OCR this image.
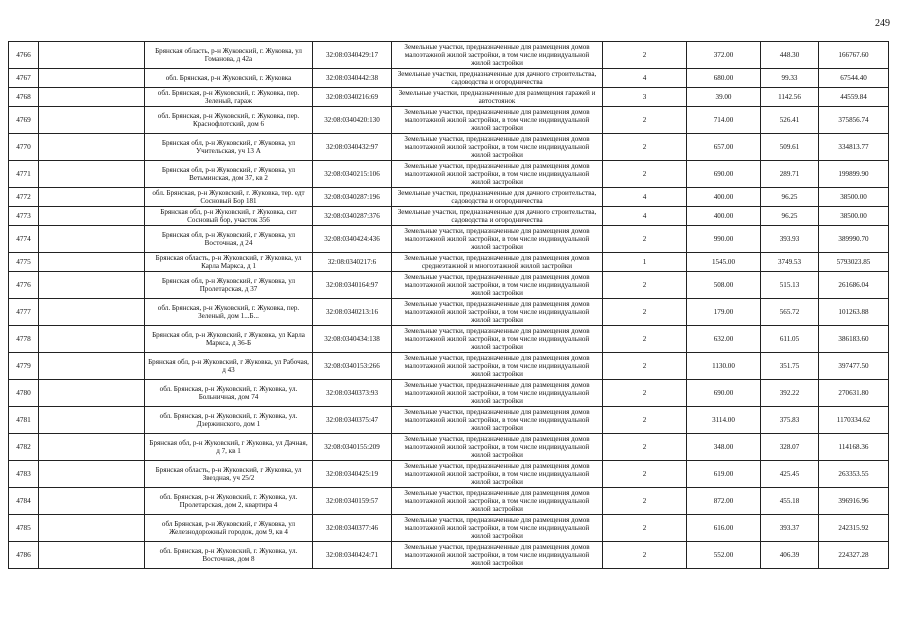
249
4766		Брянская область, р-н Жуковский, г. Жуковка, ул Гоманова, д 42а	32:08:0340429:17	Земельные участки, предназначенные для размещения домов малоэтажной жилой застройки, в том числе индивидуальной жилой застройки	2	372.00	448.30	166767.60
4767		обл. Брянская, р-н Жуковский, г. Жуковка	32:08:0340442:38	Земельные участки, предназначенные для дачного строительства, садоводства и огородничества	4	680.00	99.33	67544.40
4768		обл. Брянская, р-н Жуковский, г. Жуковка, пер. Зеленый, гараж	32:08:0340216:69	Земельные участки, предназначенные для размещения гаражей и автостоянок	3	39.00	1142.56	44559.84
4769		обл. Брянская, р-н Жуковский, г. Жуковка, пер. Краснофлотский, дом 6	32:08:0340420:130	Земельные участки, предназначенные для размещения домов малоэтажной жилой застройки, в том числе индивидуальной жилой застройки	2	714.00	526.41	375856.74
4770		Брянская обл, р-н Жуковский, г Жуковка, ул Учительская, уч 13 А	32:08:0340432:97	Земельные участки, предназначенные для размещения домов малоэтажной жилой застройки, в том числе индивидуальной жилой застройки	2	657.00	509.61	334813.77
4771		Брянская обл, р-н Жуковский, г Жуковка, ул Ветьминская, дом 37, кв 2	32:08:0340215:106	Земельные участки, предназначенные для размещения домов малоэтажной жилой застройки, в том числе индивидуальной жилой застройки	2	690.00	289.71	199899.90
4772		обл. Брянская, р-н Жуковский, г. Жуковка, тер. едт Сосновый Бор 181	32:08:0340287:196	Земельные участки, предназначенные для дачного строительства, садоводства и огородничества	4	400.00	96.25	38500.00
4773		Брянская обл, р-н Жуковский, г Жуковка, снт Сосновый бор, участок 356	32:08:0340287:376	Земельные участки, предназначенные для дачного строительства, садоводства и огородничества	4	400.00	96.25	38500.00
4774		Брянская обл, р-н Жуковский, г Жуковка, ул Восточная, д 24	32:08:0340424:436	Земельные участки, предназначенные для размещения домов малоэтажной жилой застройки, в том числе индивидуальной жилой застройки	2	990.00	393.93	389990.70
4775		Брянская область, р-н Жуковский, г Жуковка, ул Карла Маркса, д 1	32:08:0340217:6	Земельные участки, предназначенные для размещения домов среднеэтажной и многоэтажной жилой застройки	1	1545.00	3749.53	5793023.85
4776		Брянская обл, р-н Жуковский, г Жуковка, ул Пролетарская, д 37	32:08:0340164:97	Земельные участки, предназначенные для размещения домов малоэтажной жилой застройки, в том числе индивидуальной жилой застройки	2	508.00	515.13	261686.04
4777		обл. Брянская, р-н Жуковский, г. Жуковка, пер. Зеленый, дом 1...Б...	32:08:0340213:16	Земельные участки, предназначенные для размещения домов малоэтажной жилой застройки, в том числе индивидуальной жилой застройки	2	179.00	565.72	101263.88
4778		Брянская обл, р-н Жуковский, г Жуковка, ул Карла Маркса, д 36-Б	32:08:0340434:138	Земельные участки, предназначенные для размещения домов малоэтажной жилой застройки, в том числе индивидуальной жилой застройки	2	632.00	611.05	386183.60
4779		Брянская обл, р-н Жуковский, г Жуковка, ул Рабочая, д 43	32:08:0340153:266	Земельные участки, предназначенные для размещения домов малоэтажной жилой застройки, в том числе индивидуальной жилой застройки	2	1130.00	351.75	397477.50
4780		обл. Брянская, р-н Жуковский, г. Жуковка, ул. Больничная, дом 74	32:08:0340373:93	Земельные участки, предназначенные для размещения домов малоэтажной жилой застройки, в том числе индивидуальной жилой застройки	2	690.00	392.22	270631.80
4781		обл. Брянская, р-н Жуковский, г. Жуковка, ул. Дзержинского, дом 1	32:08:0340375:47	Земельные участки, предназначенные для размещения домов малоэтажной жилой застройки, в том числе индивидуальной жилой застройки	2	3114.00	375.83	1170334.62
4782		Брянская обл, р-н Жуковский, г Жуковка, ул Дачная, д 7, кв 1	32:08:0340155:209	Земельные участки, предназначенные для размещения домов малоэтажной жилой застройки, в том числе индивидуальной жилой застройки	2	348.00	328.07	114168.36
4783		Брянская область, р-н Жуковский, г Жуковка, ул Звездная, уч 25/2	32:08:0340425:19	Земельные участки, предназначенные для размещения домов малоэтажной жилой застройки, в том числе индивидуальной жилой застройки	2	619.00	425.45	263353.55
4784		обл. Брянская, р-н Жуковский, г. Жуковка, ул. Пролетарская, дом 2, квартира 4	32:08:0340159:57	Земельные участки, предназначенные для размещения домов малоэтажной жилой застройки, в том числе индивидуальной жилой застройки	2	872.00	455.18	396916.96
4785		обл Брянская, р-н Жуковский, г Жуковка, ул Железнодорожный городок, дом 9, кв 4	32:08:0340377:46	Земельные участки, предназначенные для размещения домов малоэтажной жилой застройки, в том числе индивидуальной жилой застройки	2	616.00	393.37	242315.92
4786		обл. Брянская, р-н Жуковский, г. Жуковка, ул. Восточная, дом 8	32:08:0340424:71	Земельные участки, предназначенные для размещения домов малоэтажной жилой застройки, в том числе индивидуальной жилой застройки	2	552.00	406.39	224327.28
